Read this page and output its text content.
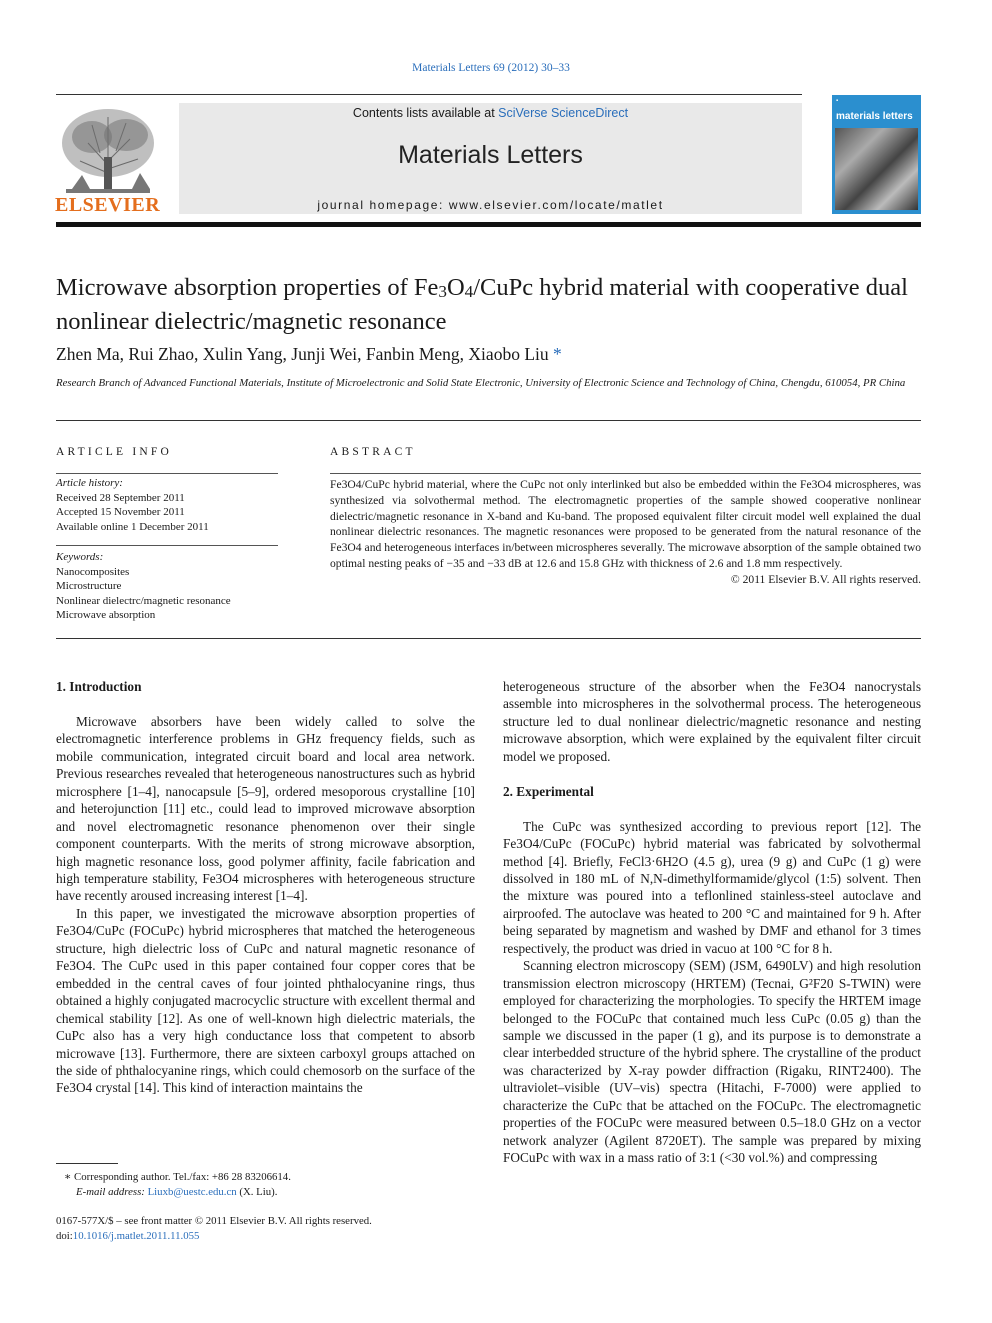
Materials Letters 69 (2012) 30–33
ELSEVIER
Contents lists available at SciVerse ScienceDirect
Materials Letters
journal homepage: www.elsevier.com/locate/matlet
▪
materials letters
Microwave absorption properties of $Fe_3O_4$/CuPc hybrid material with cooperative dual nonlinear dielectric/magnetic resonance
Zhen Ma, Rui Zhao, Xulin Yang, Junji Wei, Fanbin Meng, Xiaobo Liu *
Research Branch of Advanced Functional Materials, Institute of Microelectronic and Solid State Electronic, University of Electronic Science and Technology of China, Chengdu, 610054, PR China
ARTICLE INFO
Article history:
Received 28 September 2011
Accepted 15 November 2011
Available online 1 December 2011
Keywords:
Nanocomposites
Microstructure
Nonlinear dielectrc/magnetic resonance
Microwave absorption
ABSTRACT
Fe3O4/CuPc hybrid material, where the CuPc not only interlinked but also be embedded within the Fe3O4 microspheres, was synthesized via solvothermal method. The electromagnetic properties of the sample showed cooperative nonlinear dielectric/magnetic resonance in X-band and Ku-band. The proposed equivalent filter circuit model well explained the dual nonlinear dielectric resonances. The magnetic resonances were proposed to be generated from the natural resonance of the Fe3O4 and heterogeneous interfaces in/between microspheres severally. The microwave absorption of the sample obtained two optimal nesting peaks of −35 and −33 dB at 12.6 and 15.8 GHz with thickness of 2.6 and 1.8 mm respectively.
© 2011 Elsevier B.V. All rights reserved.
1. Introduction

Microwave absorbers have been widely called to solve the electromagnetic interference problems in GHz frequency fields, such as mobile communication, integrated circuit board and local area network. Previous researches revealed that heterogeneous nanostructures such as hybrid microsphere [1–4], nanocapsule [5–9], ordered mesoporous crystalline [10] and heterojunction [11] etc., could lead to improved microwave absorption and novel electromagnetic resonance phenomenon over their single component counterparts. With the merits of strong microwave absorption, high magnetic resonance loss, good polymer affinity, facile fabrication and high temperature stability, Fe3O4 microspheres with heterogeneous structure have recently aroused increasing interest [1–4].

In this paper, we investigated the microwave absorption properties of Fe3O4/CuPc (FOCuPc) hybrid microspheres that matched the heterogeneous structure, high dielectric loss of CuPc and natural magnetic resonance of Fe3O4. The CuPc used in this paper contained four copper cores that be embedded in the central caves of four jointed phthalocyanine rings, thus obtained a highly conjugated macrocyclic structure with excellent thermal and chemical stability [12]. As one of well-known high dielectric materials, the CuPc also has a very high conductance loss that competent to absorb microwave [13]. Furthermore, there are sixteen carboxyl groups attached on the side of phthalocyanine rings, which could chemosorb on the surface of the Fe3O4 crystal [14]. This kind of interaction maintains the

heterogeneous structure of the absorber when the Fe3O4 nanocrystals assemble into microspheres in the solvothermal process. The heterogeneous structure led to dual nonlinear dielectric/magnetic resonance and nesting microwave absorption, which were explained by the equivalent filter circuit model we proposed.

2. Experimental

The CuPc was synthesized according to previous report [12]. The Fe3O4/CuPc (FOCuPc) hybrid material was fabricated by solvothermal method [4]. Briefly, FeCl3·6H2O (4.5 g), urea (9 g) and CuPc (1 g) were dissolved in 180 mL of N,N-dimethylformamide/glycol (1:5) solvent. Then the mixture was poured into a teflonlined stainless-steel autoclave and airproofed. The autoclave was heated to 200 °C and maintained for 9 h. After being separated by magnetism and washed by DMF and ethanol for 3 times respectively, the product was dried in vacuo at 100 °C for 8 h.

Scanning electron microscopy (SEM) (JSM, 6490LV) and high resolution transmission electron microscopy (HRTEM) (Tecnai, G²F20 S-TWIN) were employed for characterizing the morphologies. To specify the HRTEM image belonged to the FOCuPc that contained much less CuPc (0.05 g) than the sample we discussed in the paper (1 g), and its purpose is to demonstrate a clear interbedded structure of the hybrid sphere. The crystalline of the product was characterized by X-ray powder diffraction (Rigaku, RINT2400). The ultraviolet–visible (UV–vis) spectra (Hitachi, F-7000) were applied to characterize the CuPc that be attached on the FOCuPc. The electromagnetic properties of the FOCuPc were measured between 0.5–18.0 GHz on a vector network analyzer (Agilent 8720ET). The sample was prepared by mixing FOCuPc with wax in a mass ratio of 3:1 (<30 vol.%) and compressing

∗ Corresponding author. Tel./fax: +86 28 83206614.
E-mail address: Liuxb@uestc.edu.cn (X. Liu).
0167-577X/$ – see front matter © 2011 Elsevier B.V. All rights reserved.
doi:10.1016/j.matlet.2011.11.055
